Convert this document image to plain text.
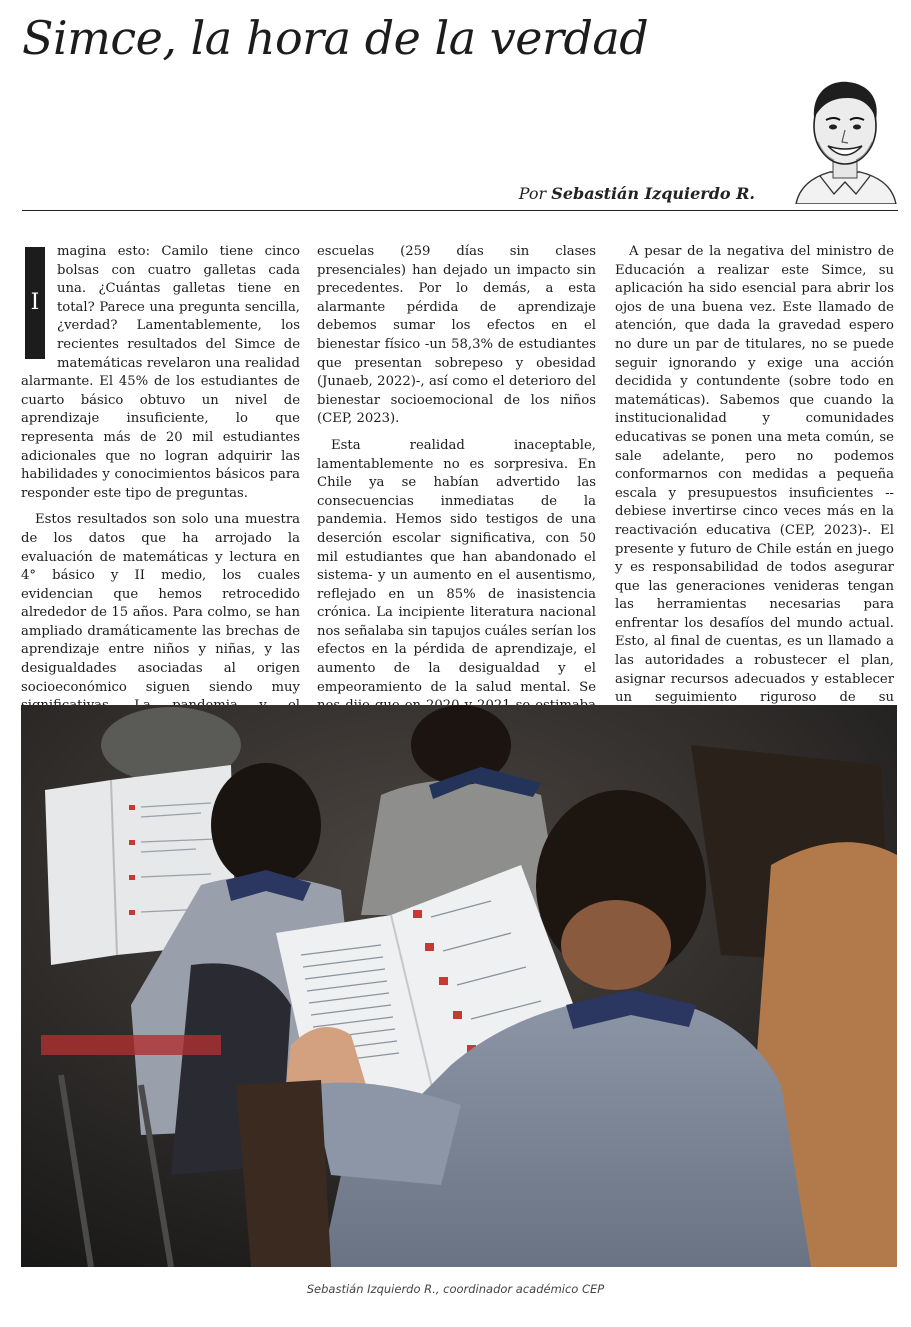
Simce, la hora de la verdad
Por Sebastián Izquierdo R.

I
magina esto: Camilo tiene cinco bolsas con cuatro galletas cada una. ¿Cuántas galletas tiene en total? Parece una pregunta sencilla, ¿verdad? Lamentablemente, los recientes resultados del Simce de matemáticas revelaron una realidad alarmante. El 45% de los estudiantes de cuarto básico obtuvo un nivel de aprendizaje insuficiente, lo que representa más de 20 mil estudiantes adicionales que no logran adquirir las habilidades y conocimientos básicos para responder este tipo de preguntas.

Estos resultados son solo una muestra de los datos que ha arrojado la evaluación de matemáticas y lectura en 4° básico y II medio, los cuales evidencian que hemos retrocedido alrededor de 15 años. Para colmo, se han ampliado dramáticamente las brechas de aprendizaje entre niños y niñas, y las desigualdades asociadas al origen socioeconómico siguen siendo muy

escuelas (259 días sin clases presenciales) han dejado un impacto sin precedentes. Por lo demás, a esta alarmante pérdida de aprendizaje debemos sumar los efectos en el bienestar físico -un 58,3% de estudiantes que presentan sobrepeso y obesidad (Junaeb, 2022)-, así como el deterioro del bienestar socioemocional de los niños (CEP, 2023).

Esta realidad inaceptable, lamentablemente no es sorpresiva. En Chile ya se habían advertido las consecuencias inmediatas de la pandemia. Hemos sido testigos de una deserción escolar significativa, con 50 mil estudiantes que han abandonado el sistema- y un aumento en el ausentismo, reflejado en un 85% de inasistencia crónica. La incipiente literatura nacional nos señalaba sin tapujos cuáles serían los efectos en la pérdida de aprendizaje, el aumento de la desigualdad y el empeoramiento de la salud mental. Se

A pesar de la negativa del ministro de Educación a realizar este Simce, su aplicación ha sido esencial para abrir los ojos de una buena vez. Este llamado de atención, que dada la gravedad espero no dure un par de titulares, no se puede seguir ignorando y exige una acción decidida y contundente (sobre todo en matemáticas). Sabemos que cuando la institucionalidad y comunidades educativas se ponen una meta común, se sale adelante, pero no podemos conformarnos con medidas a pequeña escala y presupuestos insuficientes --debiese invertirse cinco veces más en la reactivación educativa (CEP, 2023)-. El presente y futuro de Chile están en juego y es responsabilidad de todos asegurar que las generaciones venideras tengan las herramientas necesarias para enfrentar los desafíos del mundo actual. Esto, al final de cuentas, es un llamado a las autoridades a robustecer el plan, asignar recursos adecuados y establecer un seguimiento riguroso de su

Sebastián Izquierdo R., coordinador académico CEP
